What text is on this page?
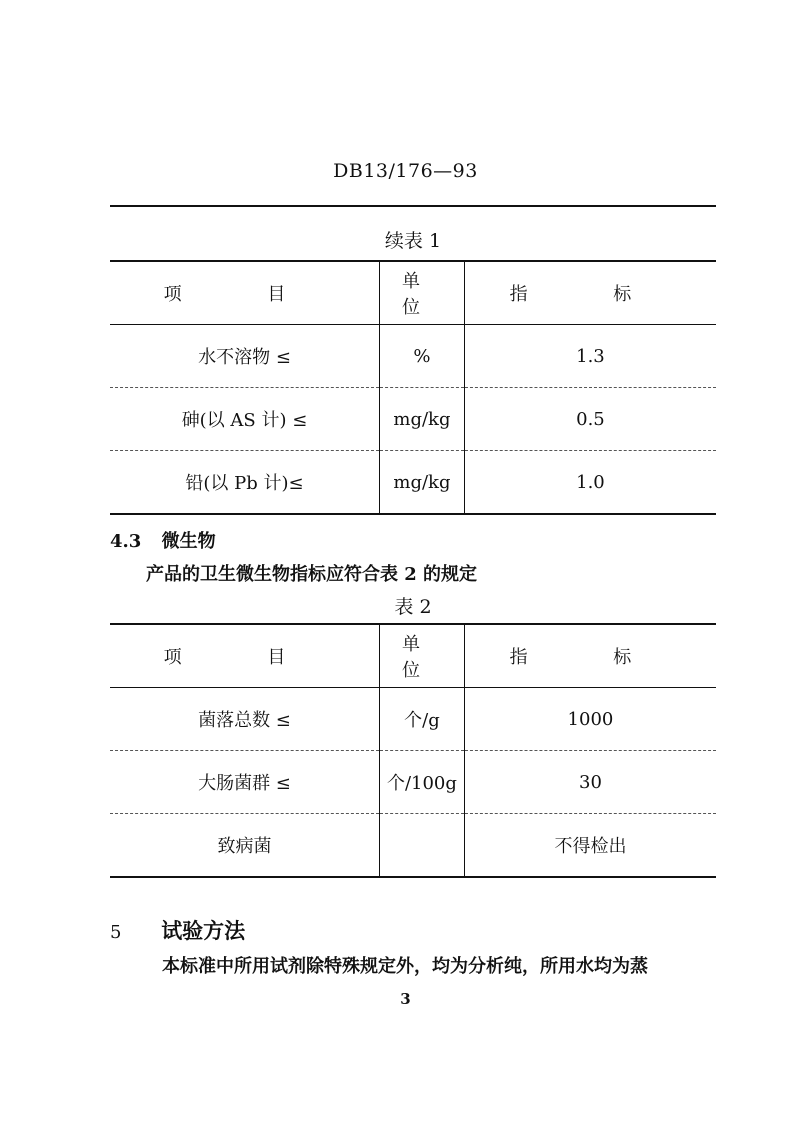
DB13/176—93
续表 1
项 目	单 位	指 标
水不溶物 ≤	%	1.3
砷(以 AS 计) ≤	mg/kg	0.5
铅(以 Pb 计)≤	mg/kg	1.0
4.3 微生物
产品的卫生微生物指标应符合表 2 的规定
表 2
项 目	单 位	指 标
菌落总数 ≤	个/g	1000
大肠菌群 ≤	个/100g	30
致病菌		不得检出
5 试验方法
本标准中所用试剂除特殊规定外，均为分析纯，所用水均为蒸
3
